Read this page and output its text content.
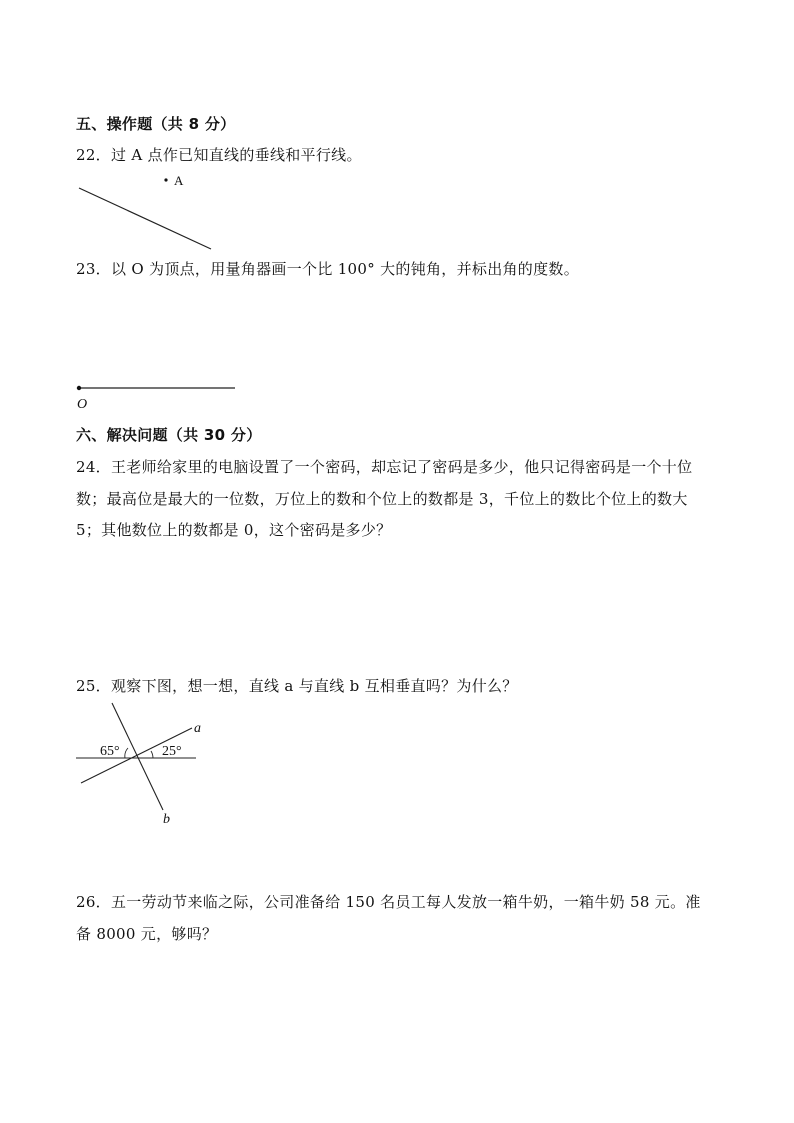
五、操作题（共 8 分）
22．过 A 点作已知直线的垂线和平行线。
A
O
65°	25°
a
b
23．以 O 为顶点，用量角器画一个比 100° 大的钝角，并标出角的度数。
六、解决问题（共 30 分）
24．王老师给家里的电脑设置了一个密码，却忘记了密码是多少，他只记得密码是一个十位
数；最高位是最大的一位数，万位上的数和个位上的数都是 3，千位上的数比个位上的数大
5；其他数位上的数都是 0，这个密码是多少？
25．观察下图，想一想，直线 a 与直线 b 互相垂直吗？为什么？
26．五一劳动节来临之际，公司准备给 150 名员工每人发放一箱牛奶，一箱牛奶 58 元。准
备 8000 元，够吗？
